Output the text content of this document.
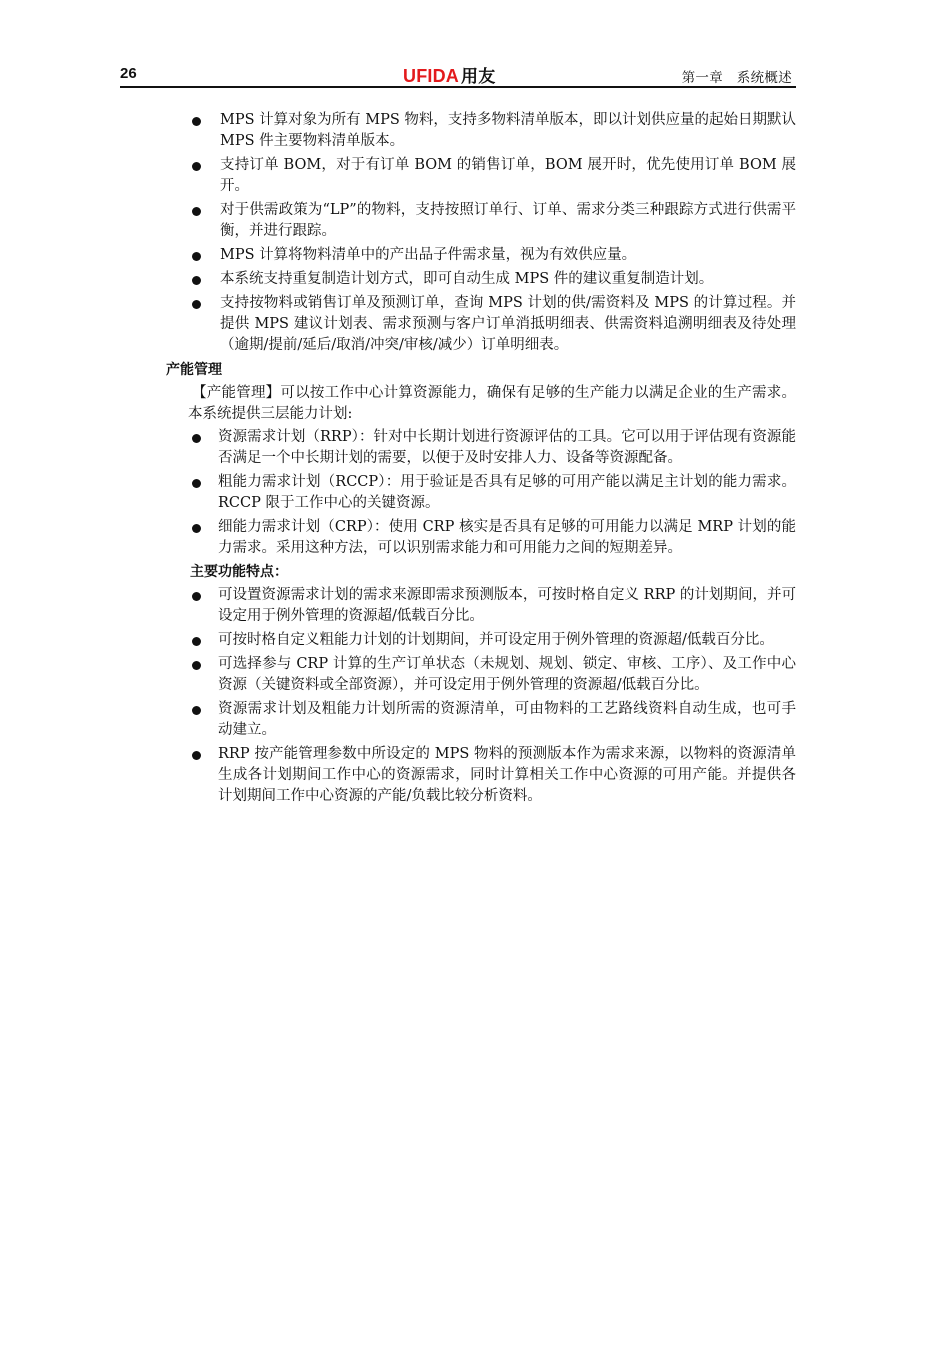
26	UFIDA 用友	第一章　系统概述
MPS 计算对象为所有 MPS 物料，支持多物料清单版本，即以计划供应量的起始日期默认 MPS 件主要物料清单版本。
支持订单 BOM，对于有订单 BOM 的销售订单，BOM 展开时，优先使用订单 BOM 展开。
对于供需政策为“LP”的物料，支持按照订单行、订单、需求分类三种跟踪方式进行供需平衡，并进行跟踪。
MPS 计算将物料清单中的产出品子件需求量，视为有效供应量。
本系统支持重复制造计划方式，即可自动生成 MPS 件的建议重复制造计划。
支持按物料或销售订单及预测订单，查询 MPS 计划的供/需资料及 MPS 的计算过程。并提供 MPS 建议计划表、需求预测与客户订单消抵明细表、供需资料追溯明细表及待处理（逾期/提前/延后/取消/冲突/审核/减少）订单明细表。
产能管理
【产能管理】可以按工作中心计算资源能力，确保有足够的生产能力以满足企业的生产需求。本系统提供三层能力计划:
资源需求计划（RRP）：针对中长期计划进行资源评估的工具。它可以用于评估现有资源能否满足一个中长期计划的需要，以便于及时安排人力、设备等资源配备。
粗能力需求计划（RCCP）：用于验证是否具有足够的可用产能以满足主计划的能力需求。RCCP 限于工作中心的关键资源。
细能力需求计划（CRP）：使用 CRP 核实是否具有足够的可用能力以满足 MRP 计划的能力需求。采用这种方法，可以识别需求能力和可用能力之间的短期差异。
主要功能特点：
可设置资源需求计划的需求来源即需求预测版本，可按时格自定义 RRP 的计划期间，并可设定用于例外管理的资源超/低载百分比。
可按时格自定义粗能力计划的计划期间，并可设定用于例外管理的资源超/低载百分比。
可选择参与 CRP 计算的生产订单状态（未规划、规划、锁定、审核、工序）、及工作中心资源（关键资料或全部资源），并可设定用于例外管理的资源超/低载百分比。
资源需求计划及粗能力计划所需的资源清单，可由物料的工艺路线资料自动生成，也可手动建立。
RRP 按产能管理参数中所设定的 MPS 物料的预测版本作为需求来源，以物料的资源清单生成各计划期间工作中心的资源需求，同时计算相关工作中心资源的可用产能。并提供各计划期间工作中心资源的产能/负载比较分析资料。
